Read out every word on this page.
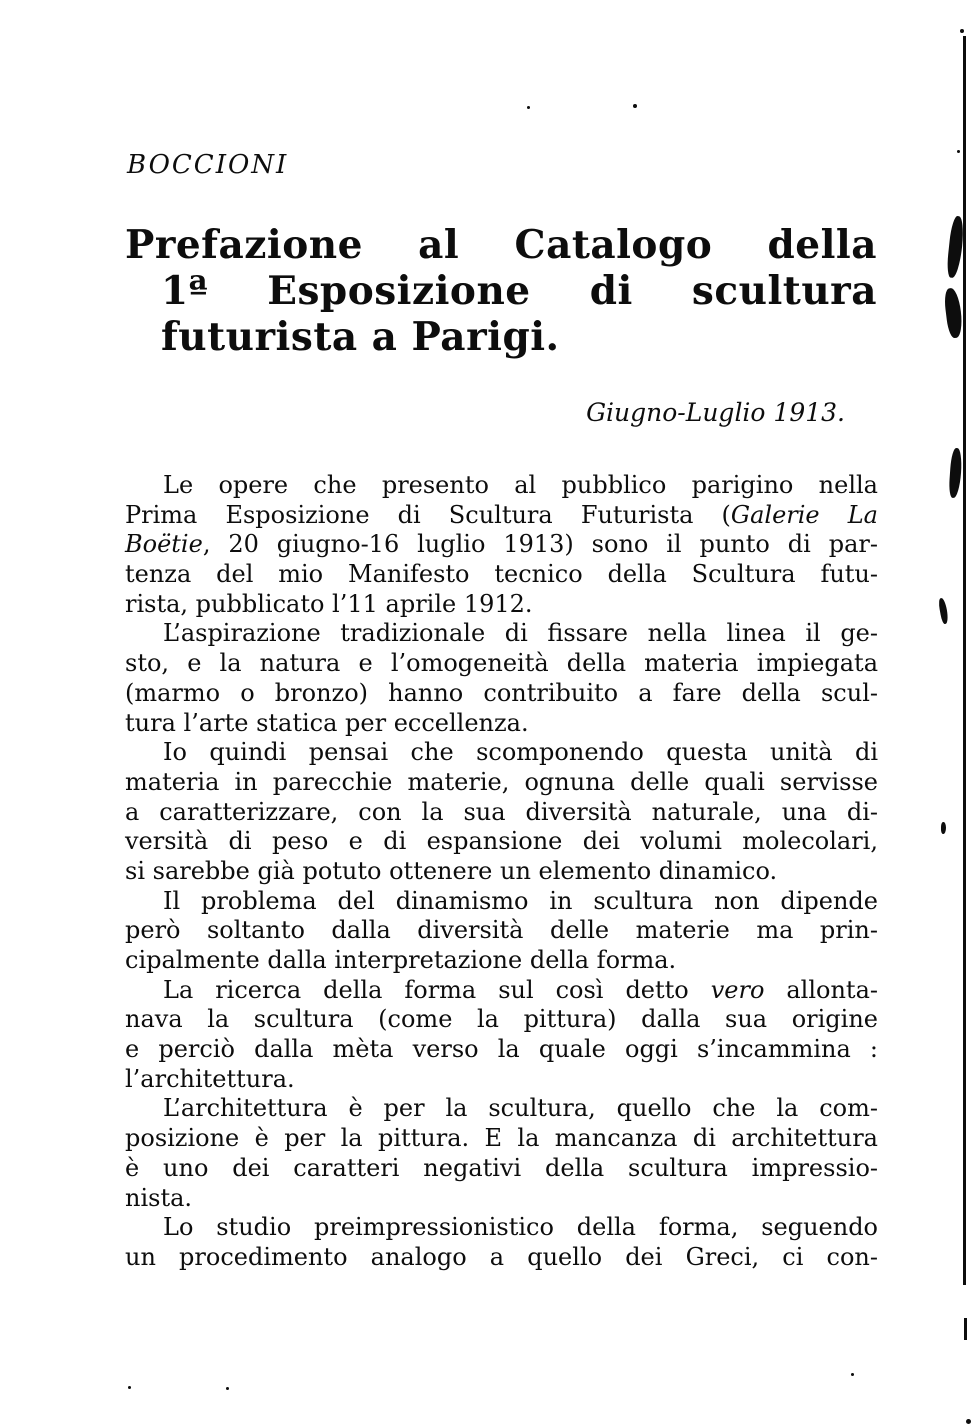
BOCCIONI
Prefazione al Catalogo della
1ª Esposizione di scultura
futurista a Parigi.
Giugno-Luglio 1913.
Le opere che presento al pubblico parigino nella
Prima Esposizione di Scultura Futurista (Galerie La
Boëtie, 20 giugno-16 luglio 1913) sono il punto di par-
tenza del mio Manifesto tecnico della Scultura futu-
rista, pubblicato l’11 aprile 1912.
L’aspirazione tradizionale di fissare nella linea il ge-
sto, e la natura e l’omogeneità della materia impiegata
(marmo o bronzo) hanno contribuito a fare della scul-
tura l’arte statica per eccellenza.
Io quindi pensai che scomponendo questa unità di
materia in parecchie materie, ognuna delle quali servisse
a caratterizzare, con la sua diversità naturale, una di-
versità di peso e di espansione dei volumi molecolari,
si sarebbe già potuto ottenere un elemento dinamico.
Il problema del dinamismo in scultura non dipende
però soltanto dalla diversità delle materie ma prin-
cipalmente dalla interpretazione della forma.
La ricerca della forma sul così detto vero allonta-
nava la scultura (come la pittura) dalla sua origine
e perciò dalla mèta verso la quale oggi s’incammina :
l’architettura.
L’architettura è per la scultura, quello che la com-
posizione è per la pittura. E la mancanza di architettura
è uno dei caratteri negativi della scultura impressio-
nista.
Lo studio preimpressionistico della forma, seguendo
un procedimento analogo a quello dei Greci, ci con-
